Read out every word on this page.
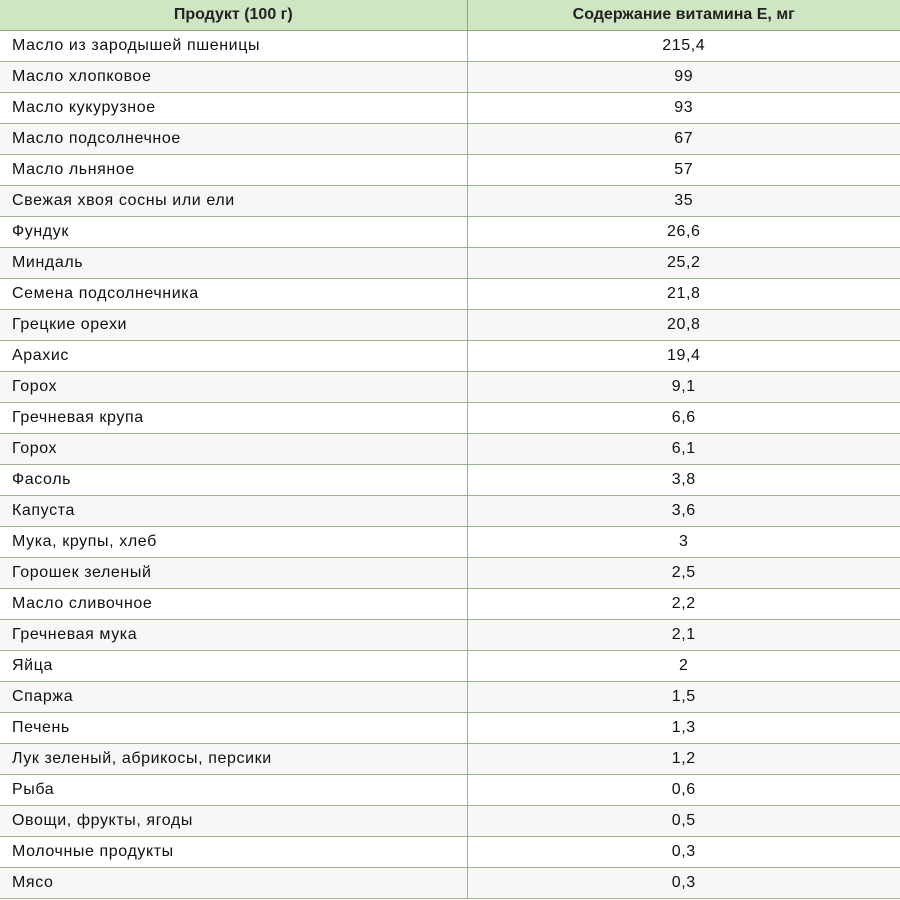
Продукт (100 г)	Содержание витамина Е, мг
Масло из зародышей пшеницы	215,4
Масло хлопковое	99
Масло кукурузное	93
Масло подсолнечное	67
Масло льняное	57
Свежая хвоя сосны или ели	35
Фундук	26,6
Миндаль	25,2
Семена подсолнечника	21,8
Грецкие орехи	20,8
Арахис	19,4
Горох	9,1
Гречневая крупа	6,6
Горох	6,1
Фасоль	3,8
Капуста	3,6
Мука, крупы, хлеб	3
Горошек зеленый	2,5
Масло сливочное	2,2
Гречневая мука	2,1
Яйца	2
Спаржа	1,5
Печень	1,3
Лук зеленый, абрикосы, персики	1,2
Рыба	0,6
Овощи, фрукты, ягоды	0,5
Молочные продукты	0,3
Мясо	0,3
